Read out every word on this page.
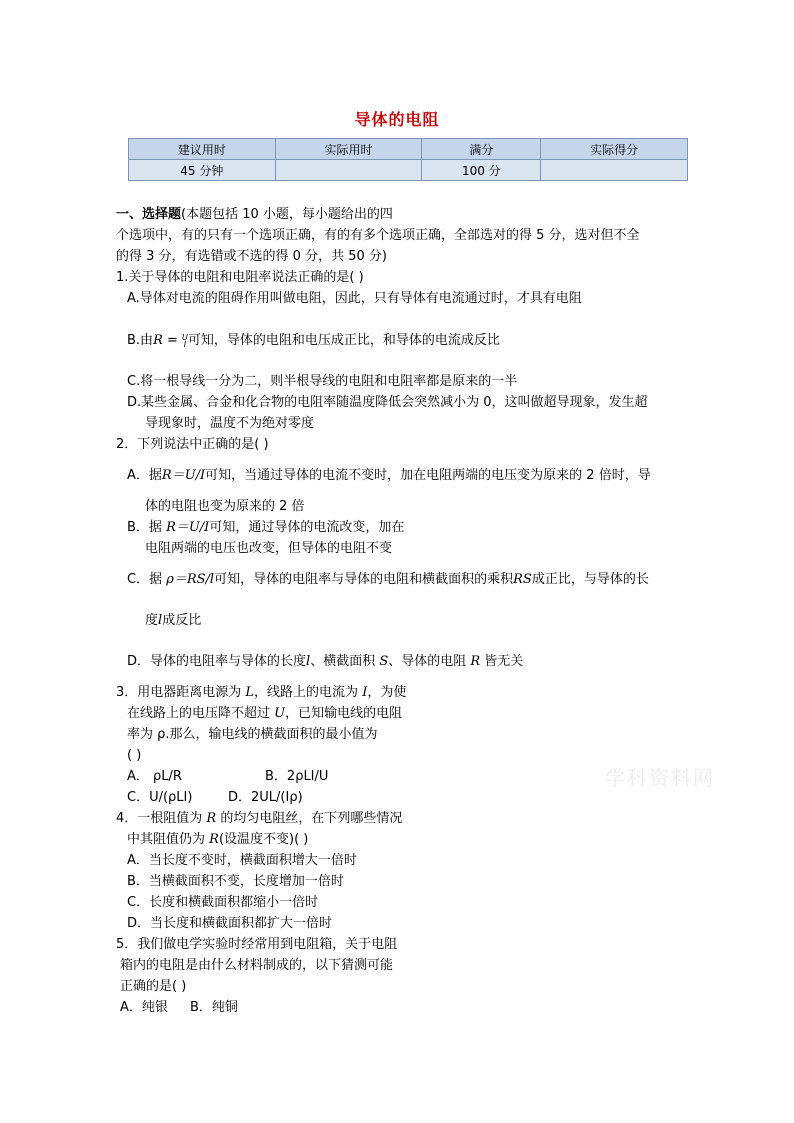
导体的电阻
建议用时	实际用时	满分	实际得分
45 分钟		100 分	
一、选择题(本题包括 10 小题，每小题给出的四
个选项中，有的只有一个选项正确，有的有多个选项正确，全部选对的得 5 分，选对但不全
的得 3 分，有选错或不选的得 0 分，共 50 分)
1.关于导体的电阻和电阻率说法正确的是( )
A.导体对电流的阻碍作用叫做电阻，因此，只有导体有电流通过时，才具有电阻
B.由R = U
I 可知，导体的电阻和电压成正比，和导体的电流成反比
C.将一根导线一分为二，则半根导线的电阻和电阻率都是原来的一半
D.某些金属、合金和化合物的电阻率随温度降低会突然减小为 0，这叫做超导现象，发生超
导现象时，温度不为绝对零度
2．下列说法中正确的是( )
A．据R＝U/I可知，当通过导体的电流不变时，加在电阻两端的电压变为原来的 2 倍时，导
体的电阻也变为原来的 2 倍
B．据 R＝U/I可知，通过导体的电流改变，加在
电阻两端的电压也改变，但导体的电阻不变
C．据 ρ＝RS/l可知，导体的电阻率与导体的电阻和横截面积的乘积RS成正比，与导体的长
度l成反比
D．导体的电阻率与导体的长度l、横截面积 S、导体的电阻 R 皆无关
3．用电器距离电源为 L，线路上的电流为 I，为使
在线路上的电压降不超过 U，已知输电线的电阻
率为 ρ.那么，输电线的横截面积的最小值为
( )
A． ρL/R	B．2ρLI/U
C．U/(ρLI)	D．2UL/(Iρ)
4．一根阻值为 R 的均匀电阻丝，在下列哪些情况
中其阻值仍为 R(设温度不变)( )
A．当长度不变时，横截面积增大一倍时
B．当横截面积不变，长度增加一倍时
C．长度和横截面积都缩小一倍时
D．当长度和横截面积都扩大一倍时
5．我们做电学实验时经常用到电阻箱，关于电阻
箱内的电阻是由什么材料制成的，以下猜测可能
正确的是( )
A．纯银 B．纯铜
学科资料网
